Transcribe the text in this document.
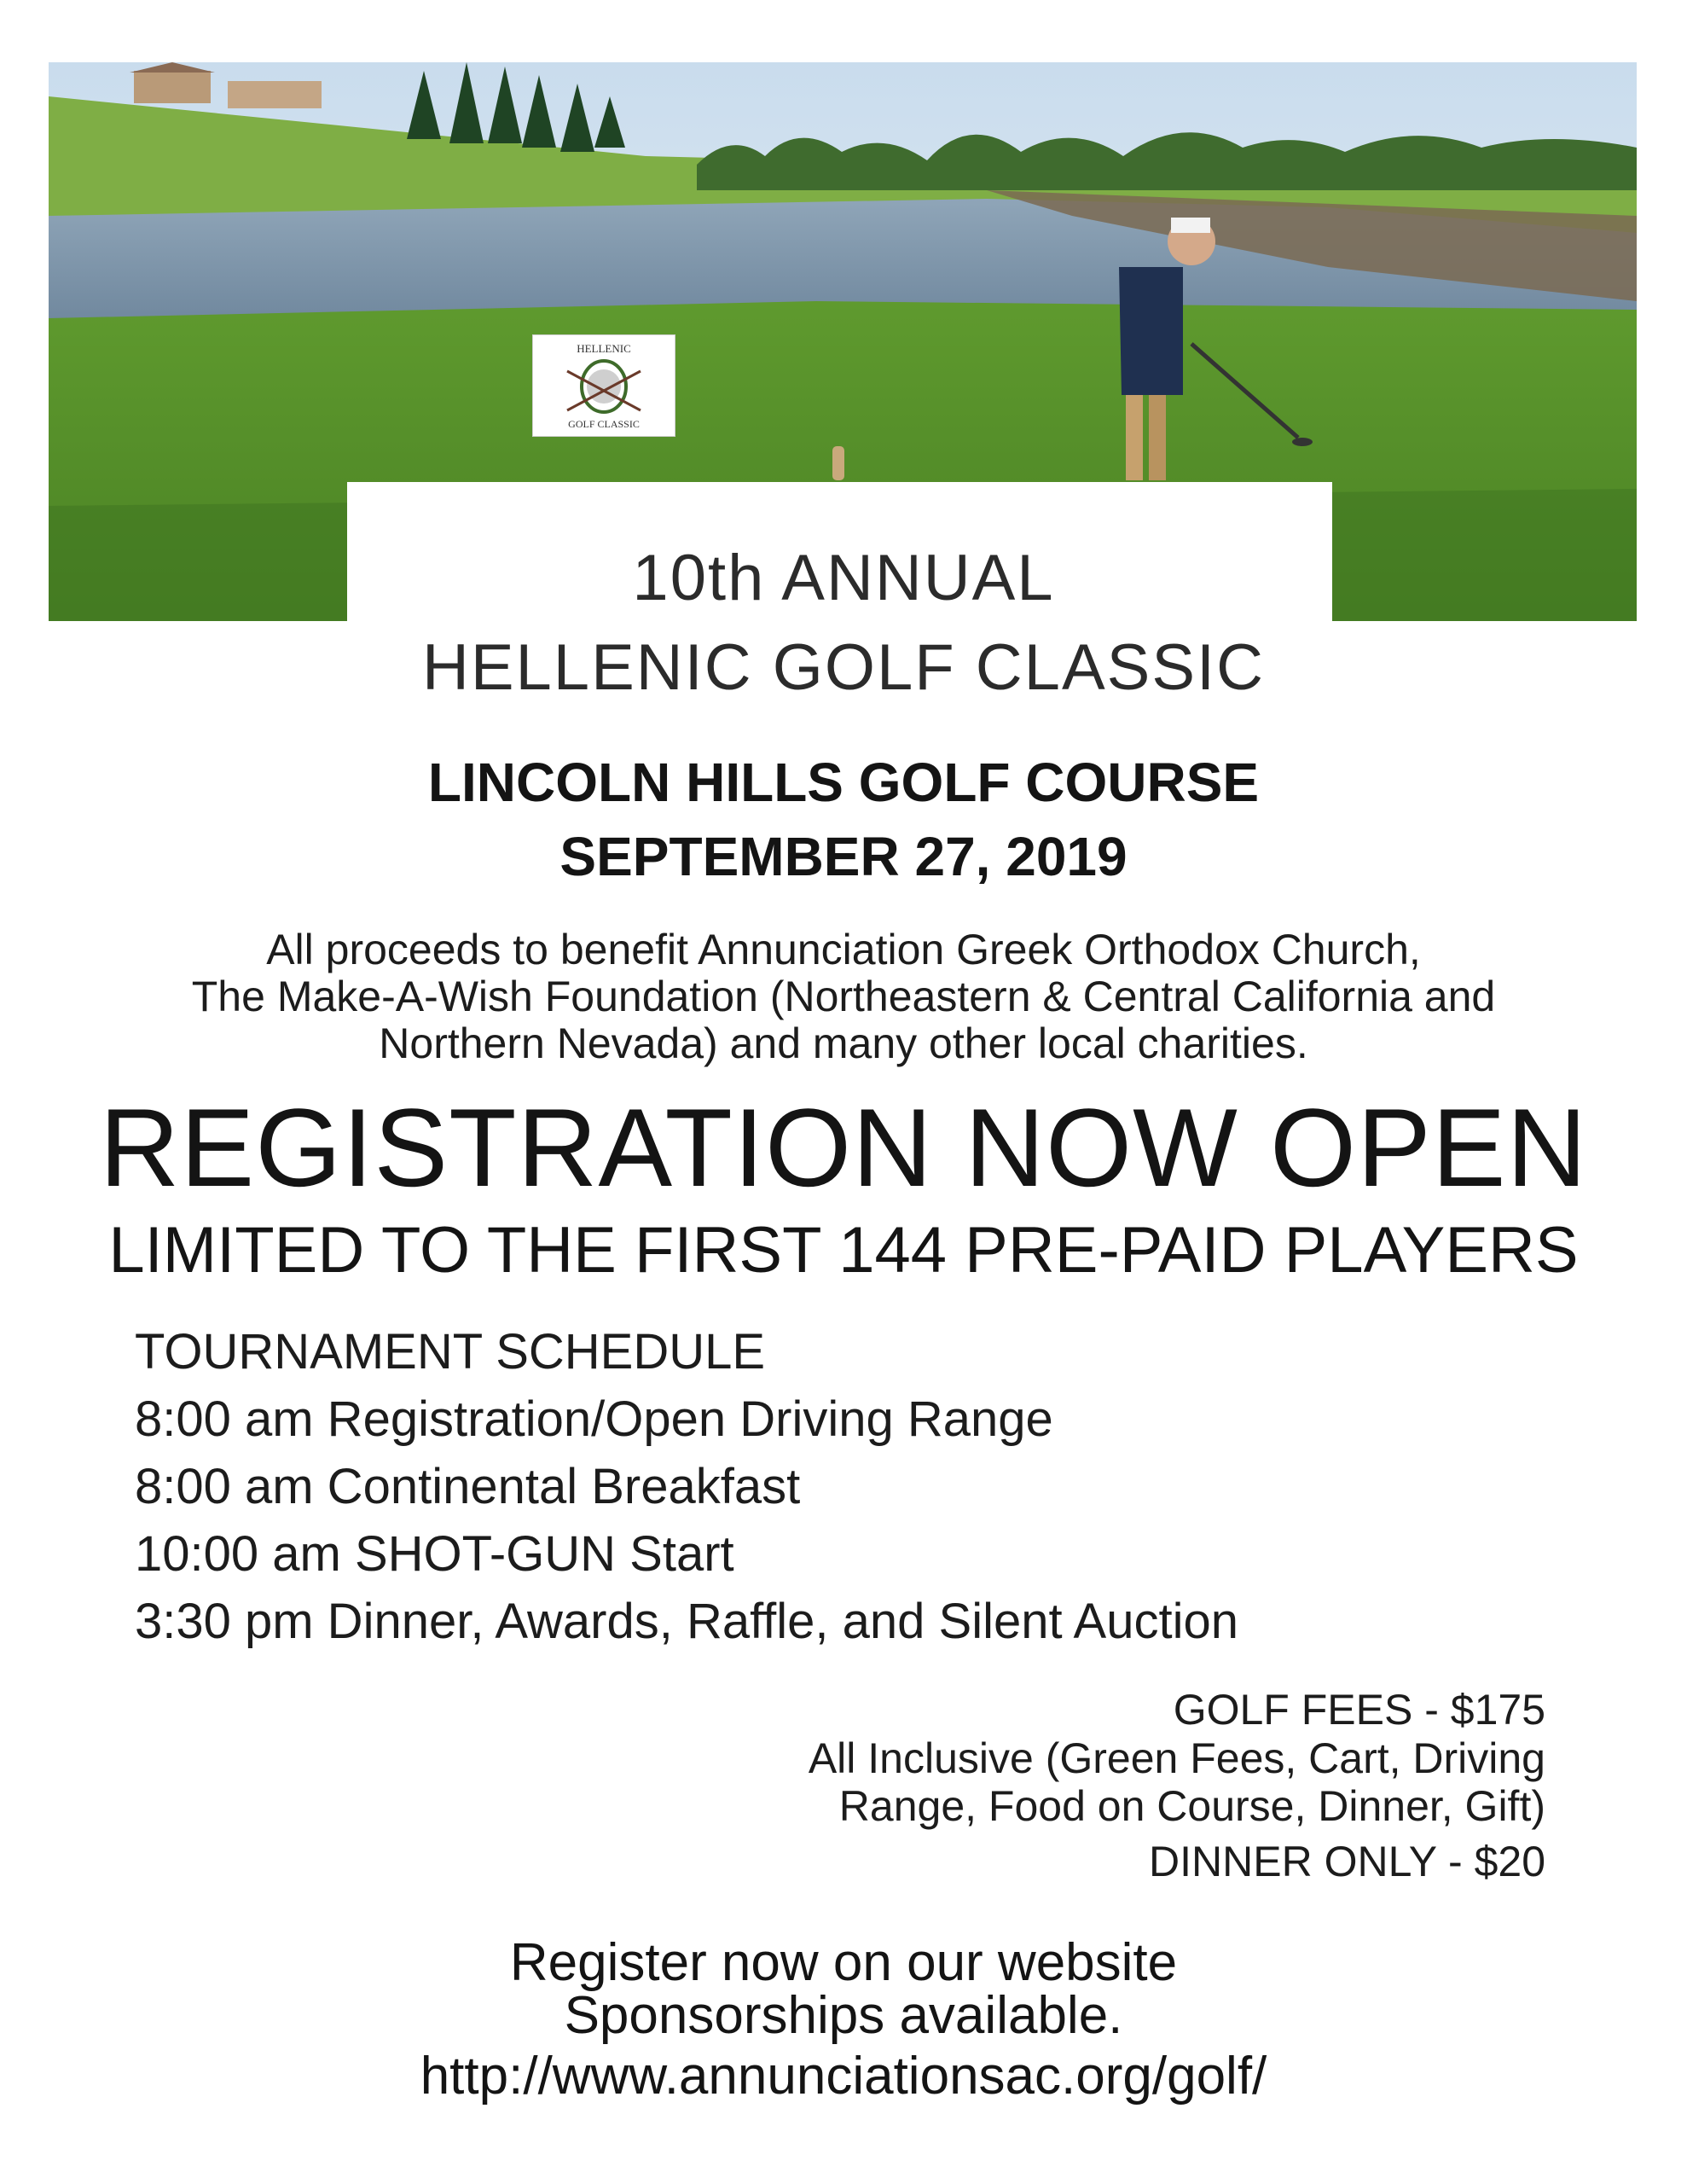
HELLENIC
GOLF CLASSIC
10th ANNUAL
HELLENIC GOLF CLASSIC
LINCOLN HILLS GOLF COURSE
SEPTEMBER 27, 2019
All proceeds to benefit Annunciation Greek Orthodox Church,
The Make-A-Wish Foundation (Northeastern & Central California and
Northern Nevada) and many other local charities.
REGISTRATION NOW OPEN
LIMITED TO THE FIRST 144 PRE-PAID PLAYERS
TOURNAMENT SCHEDULE
8:00 am Registration/Open Driving Range
8:00 am Continental Breakfast
10:00 am SHOT-GUN Start
3:30 pm Dinner, Awards, Raffle, and Silent Auction
GOLF FEES - $175
All Inclusive (Green Fees, Cart, Driving
Range, Food on Course, Dinner, Gift)
DINNER ONLY - $20
Register now on our website
Sponsorships available.
http://www.annunciationsac.org/golf/
